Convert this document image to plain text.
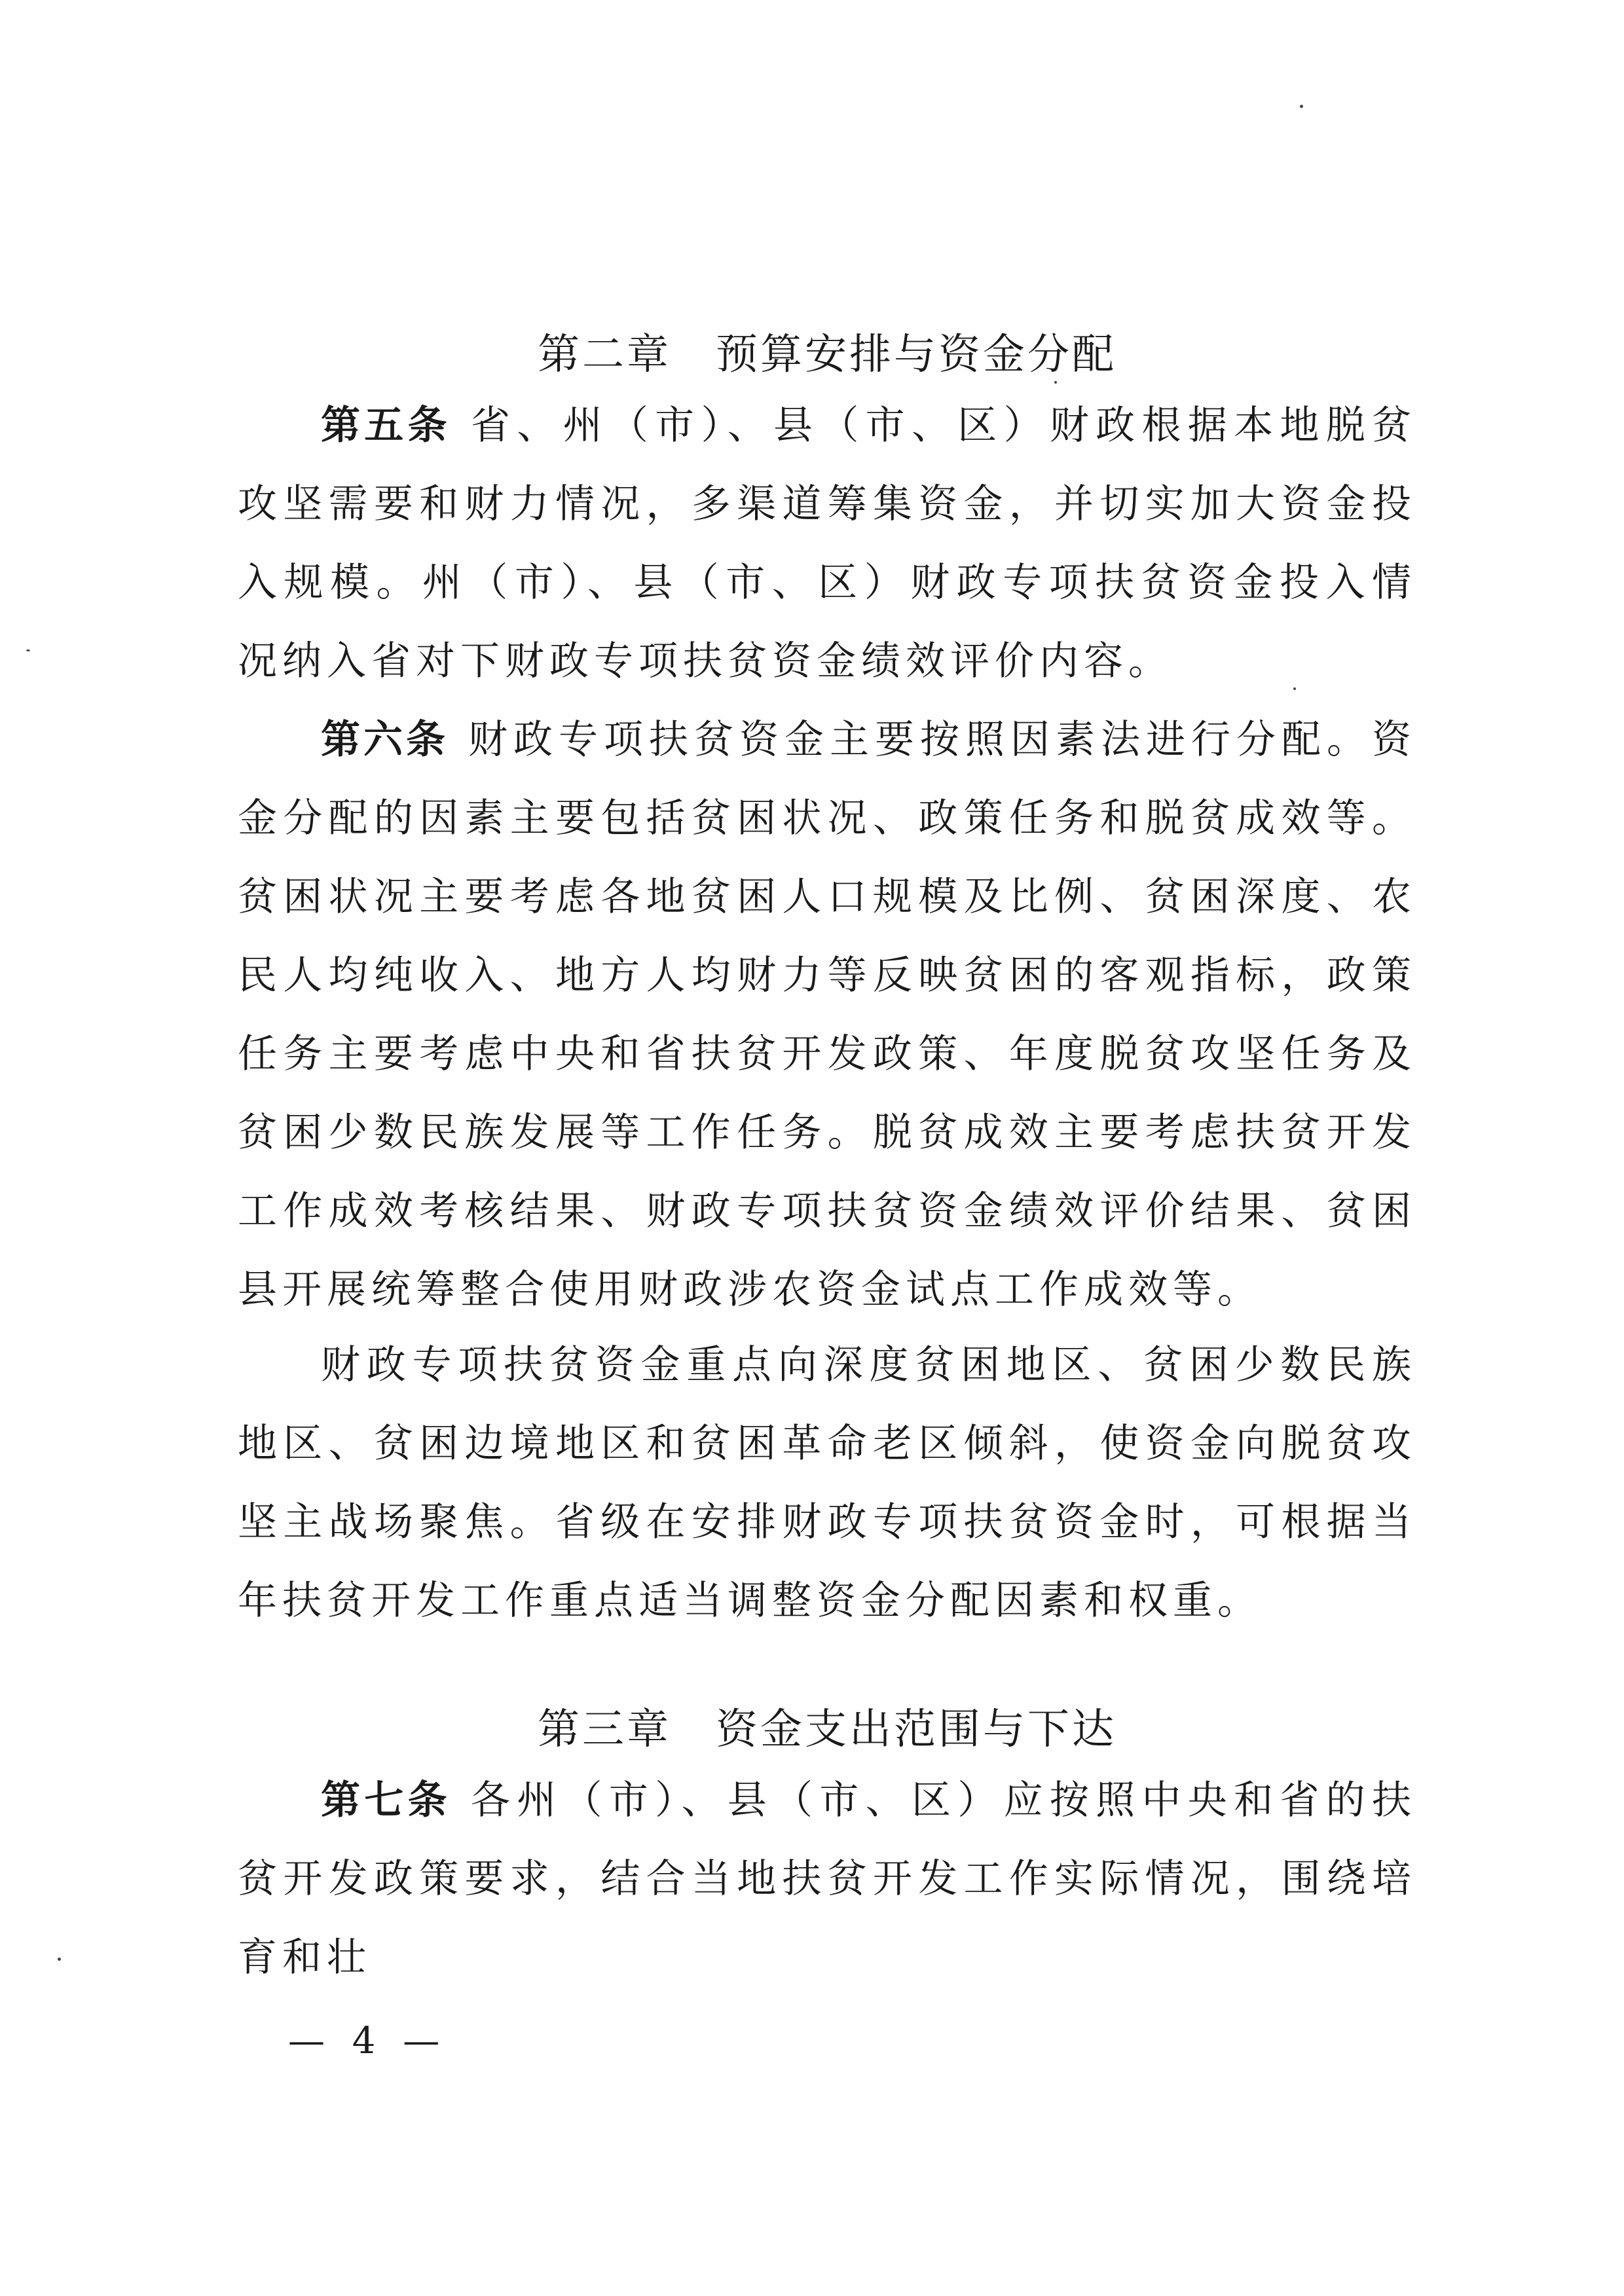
第二章　预算安排与资金分配

第五条 省、州（市）、县（市、区）财政根据本地脱贫攻坚需要和财力情况，多渠道筹集资金，并切实加大资金投入规模。州（市）、县（市、区）财政专项扶贫资金投入情况纳入省对下财政专项扶贫资金绩效评价内容。

第六条 财政专项扶贫资金主要按照因素法进行分配。资金分配的因素主要包括贫困状况、政策任务和脱贫成效等。贫困状况主要考虑各地贫困人口规模及比例、贫困深度、农民人均纯收入、地方人均财力等反映贫困的客观指标，政策任务主要考虑中央和省扶贫开发政策、年度脱贫攻坚任务及贫困少数民族发展等工作任务。脱贫成效主要考虑扶贫开发工作成效考核结果、财政专项扶贫资金绩效评价结果、贫困县开展统筹整合使用财政涉农资金试点工作成效等。

财政专项扶贫资金重点向深度贫困地区、贫困少数民族地区、贫困边境地区和贫困革命老区倾斜，使资金向脱贫攻坚主战场聚焦。省级在安排财政专项扶贫资金时，可根据当年扶贫开发工作重点适当调整资金分配因素和权重。

第三章　资金支出范围与下达

第七条 各州（市）、县（市、区）应按照中央和省的扶贫开发政策要求，结合当地扶贫开发工作实际情况，围绕培育和壮

— 4 —
